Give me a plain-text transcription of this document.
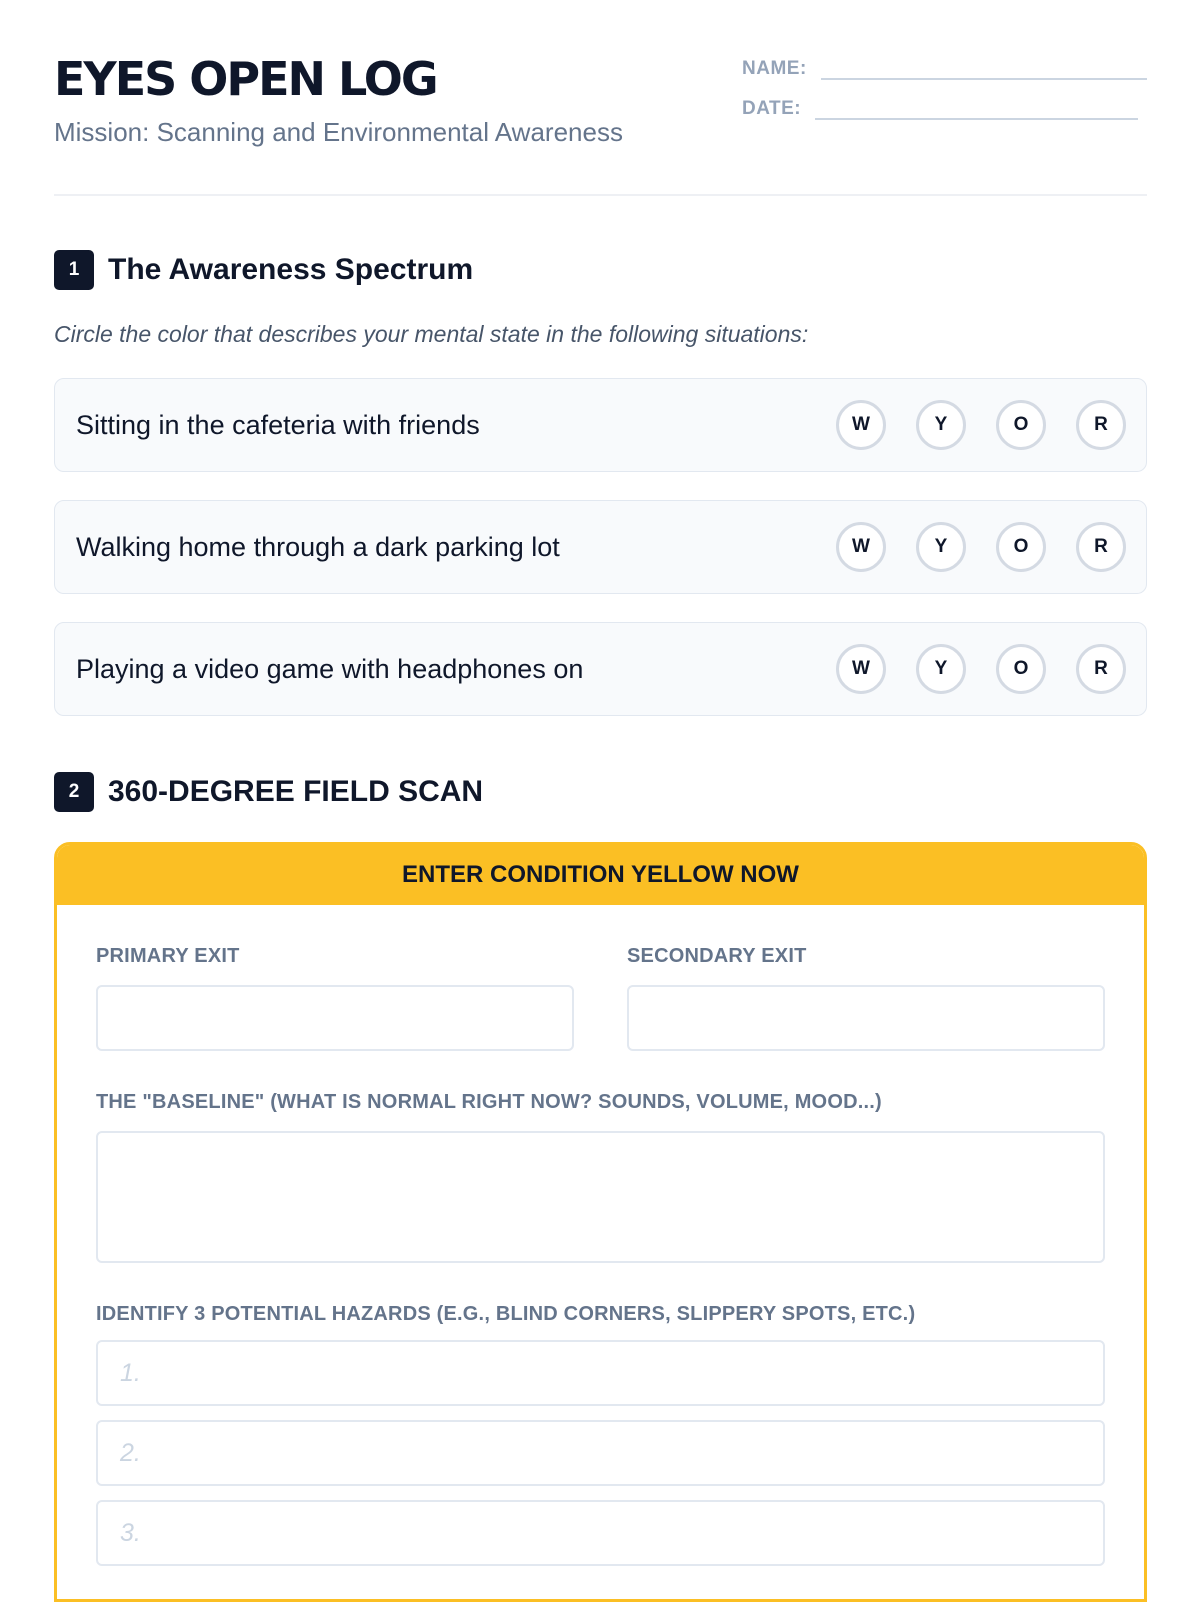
EYES OPEN LOG
Mission: Scanning and Environmental Awareness
NAME:
DATE:
1 The Awareness Spectrum
Circle the color that describes your mental state in the following situations:
Sitting in the cafeteria with friends	W	Y	O	R
Walking home through a dark parking lot	W	Y	O	R
Playing a video game with headphones on	W	Y	O	R
2 360-DEGREE FIELD SCAN
ENTER CONDITION YELLOW NOW
PRIMARY EXIT	SECONDARY EXIT
THE "BASELINE" (WHAT IS NORMAL RIGHT NOW? SOUNDS, VOLUME, MOOD...)
IDENTIFY 3 POTENTIAL HAZARDS (E.G., BLIND CORNERS, SLIPPERY SPOTS, ETC.)
1.
2.
3.
